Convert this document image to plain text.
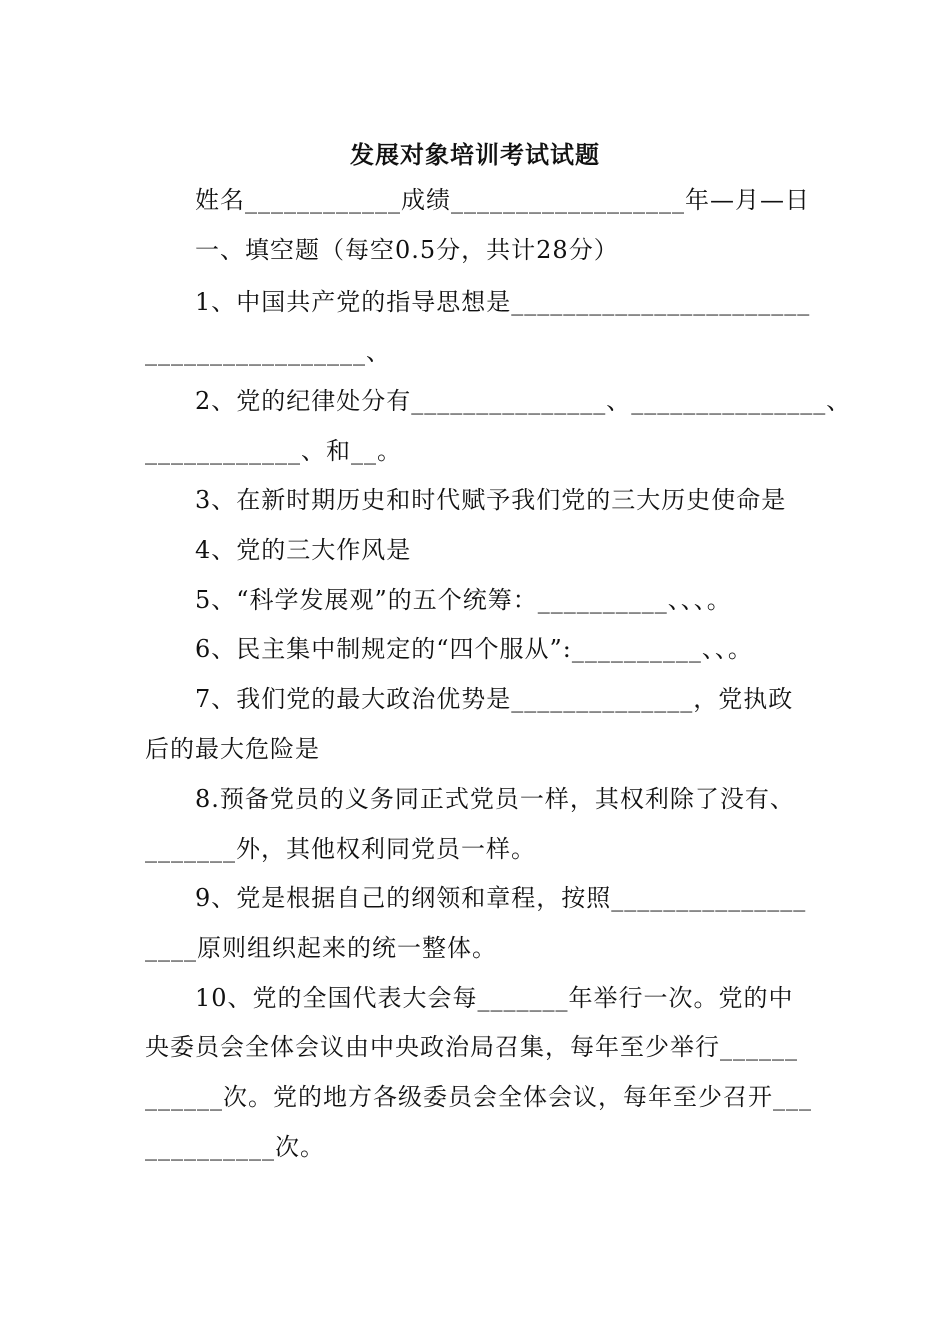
发展对象培训考试试题
姓名____________成绩__________________年—月—日
一、填空题（每空0.5分，共计28分）
1、中国共产党的指导思想是_______________________
_________________、
2、党的纪律处分有_______________、_______________、
____________、和__。
3、在新时期历史和时代赋予我们党的三大历史使命是
4、党的三大作风是
5、“科学发展观”的五个统筹：__________、、、。
6、民主集中制规定的“四个服从”:__________、、。
7、我们党的最大政治优势是______________，党执政
后的最大危险是
8.预备党员的义务同正式党员一样，其权利除了没有、
_______外，其他权利同党员一样。
9、党是根据自己的纲领和章程，按照_______________
____原则组织起来的统一整体。
10、党的全国代表大会每_______年举行一次。党的中
央委员会全体会议由中央政治局召集，每年至少举行______
______次。党的地方各级委员会全体会议，每年至少召开___
__________次。
